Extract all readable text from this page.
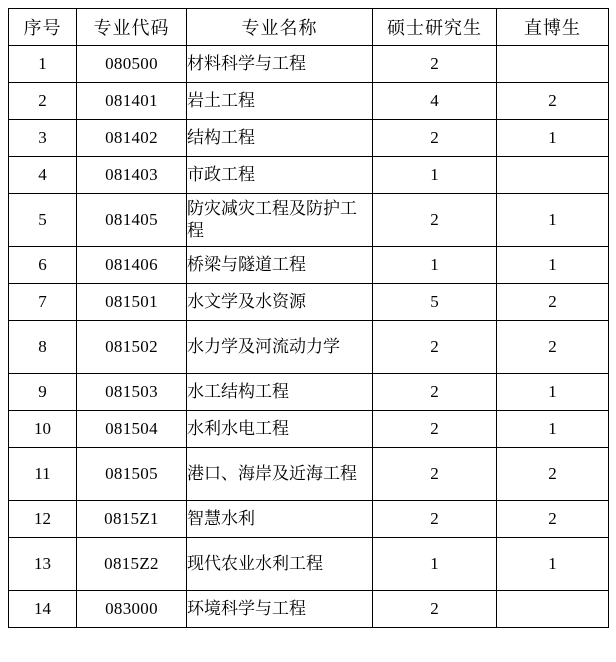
序号	专业代码	专业名称	硕士研究生	直博生
1	080500	材料科学与工程	2	
2	081401	岩土工程	4	2
3	081402	结构工程	2	1
4	081403	市政工程	1	
5	081405	防灾减灾工程及防护工程	2	1
6	081406	桥梁与隧道工程	1	1
7	081501	水文学及水资源	5	2
8	081502	水力学及河流动力学	2	2
9	081503	水工结构工程	2	1
10	081504	水利水电工程	2	1
11	081505	港口、海岸及近海工程	2	2
12	0815Z1	智慧水利	2	2
13	0815Z2	现代农业水利工程	1	1
14	083000	环境科学与工程	2	
